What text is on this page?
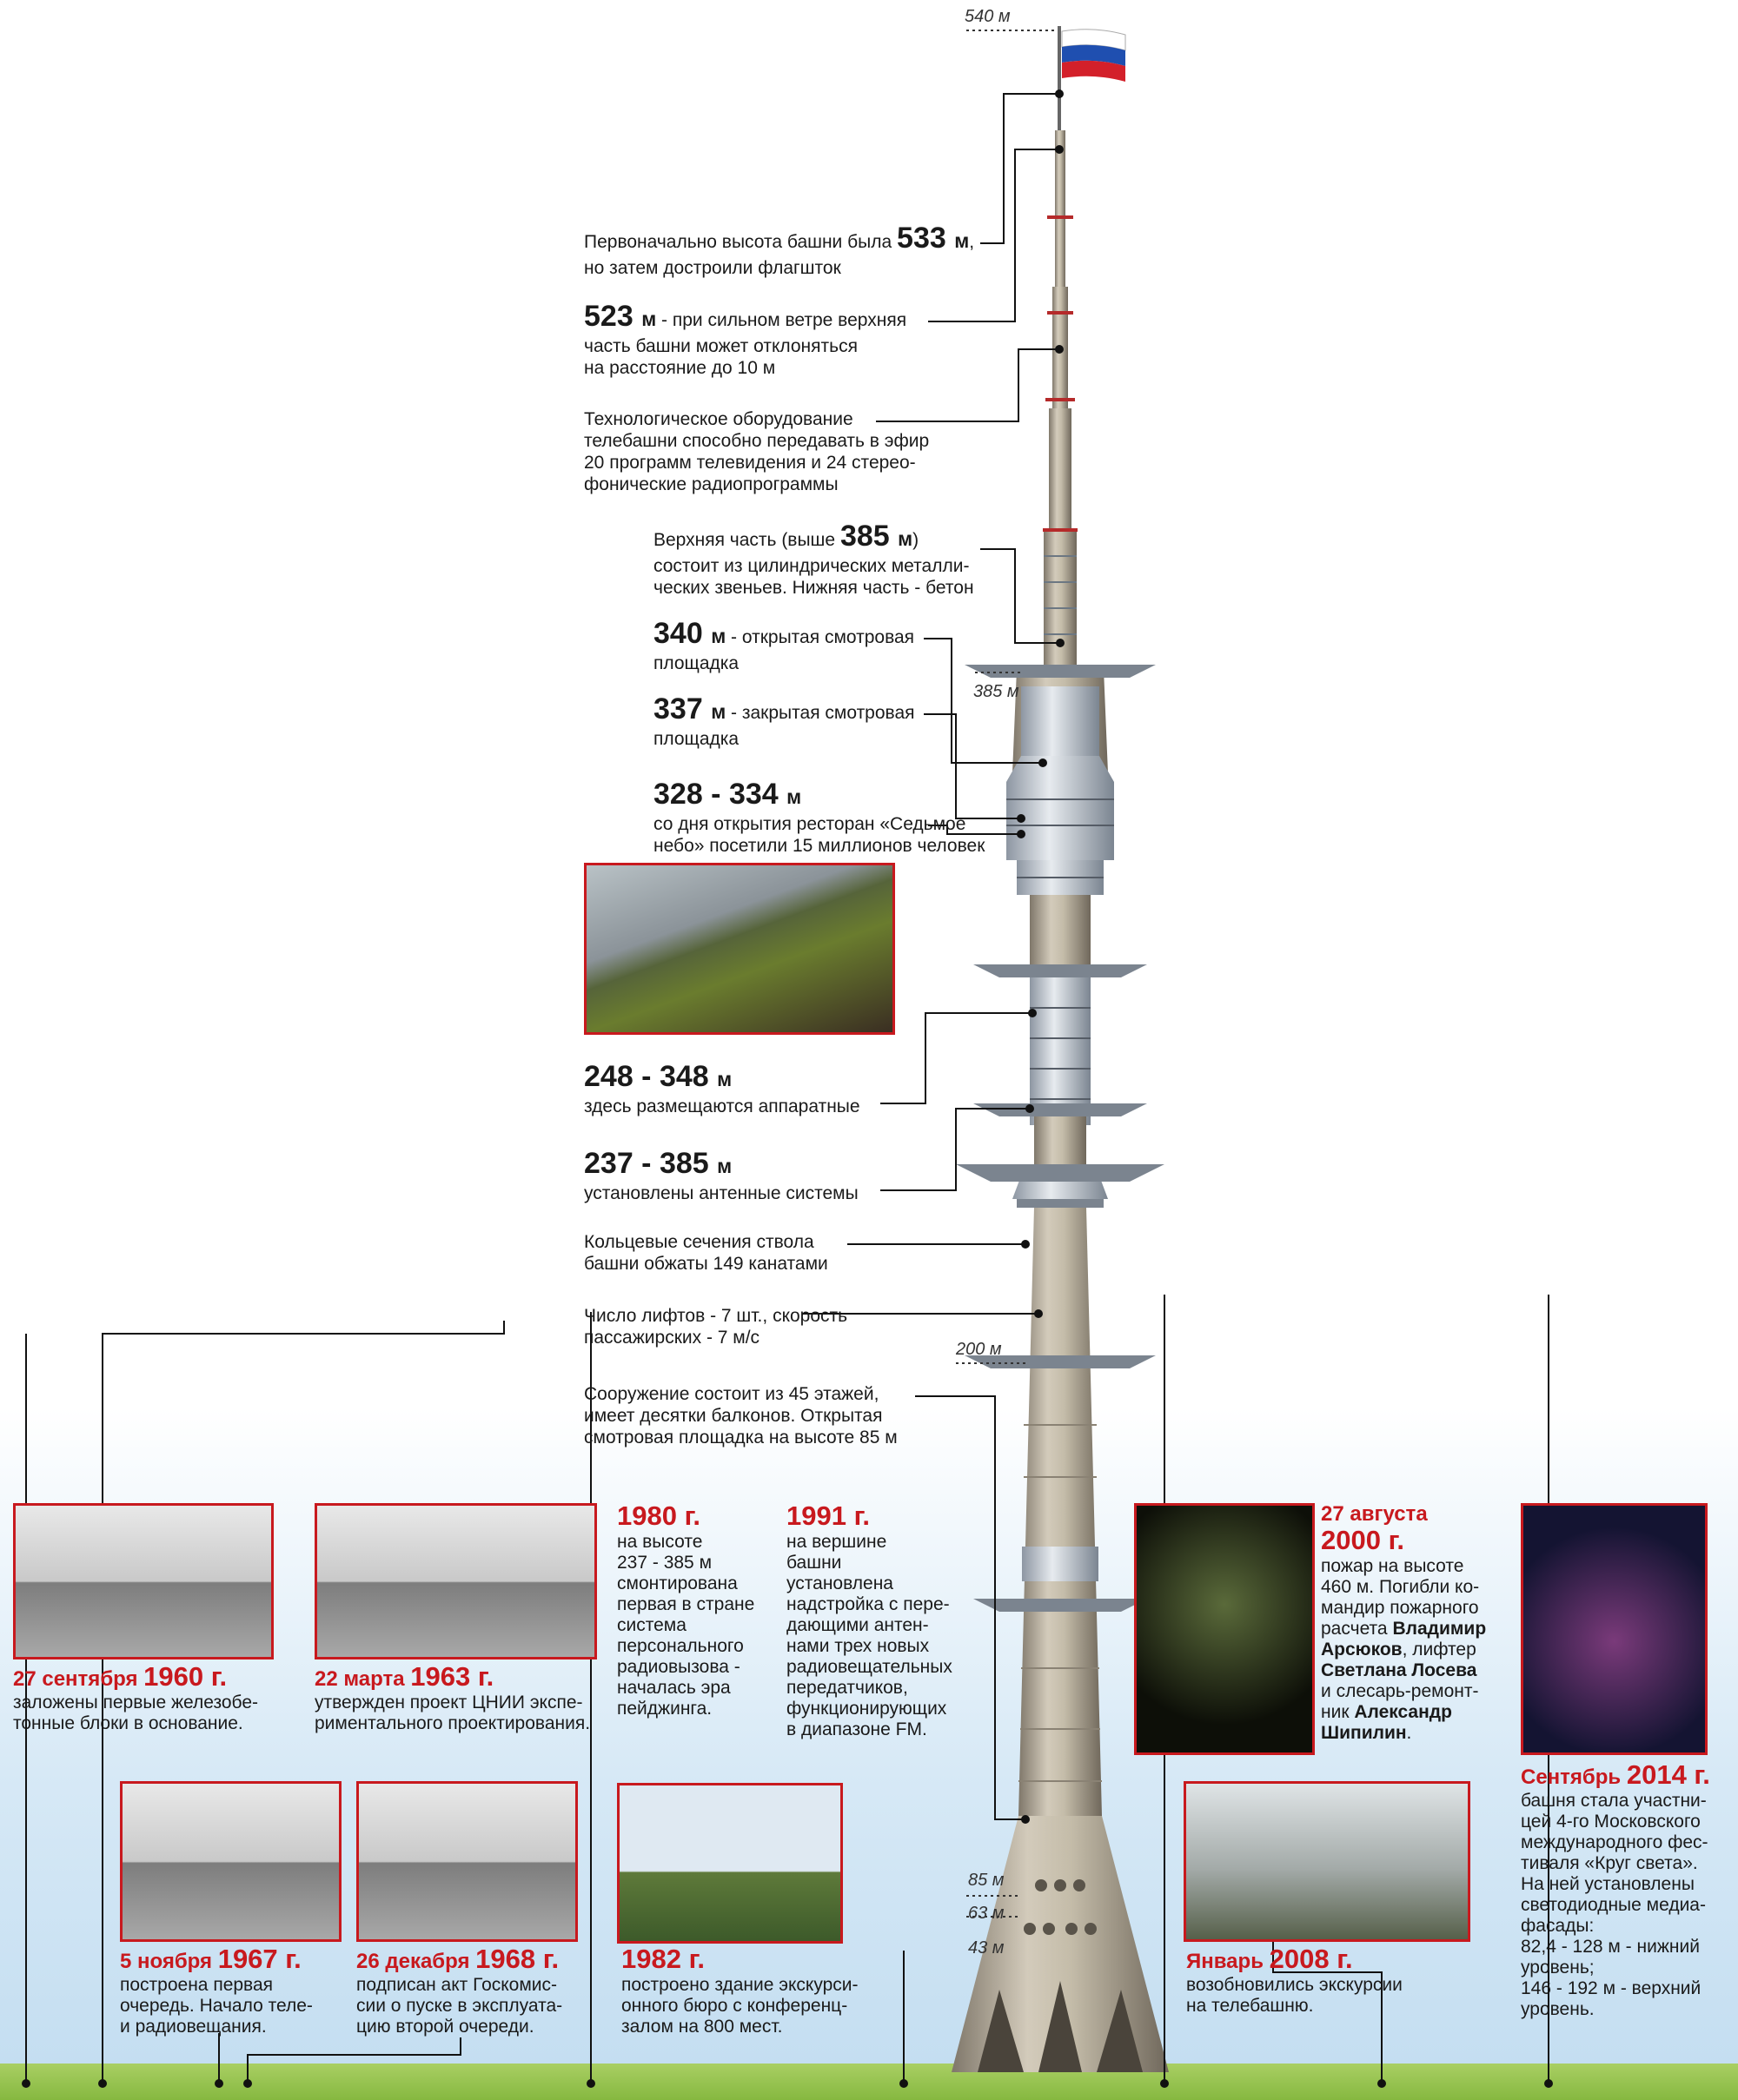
540 м
385 м
200 м
85 м
63 м
43 м
Первоначально высота башни была 533 м,
но затем достроили флагшток
523 м - при сильном ветре верхняя
часть башни может отклоняться
на расстояние до 10 м
Технологическое оборудование
телебашни способно передавать в эфир
20 программ телевидения и 24 стерео-
фонические радиопрограммы
Верхняя часть (выше 385 м)
состоит из цилиндрических металли-
ческих звеньев. Нижняя часть - бетон
340 м - открытая смотровая
площадка
337 м - закрытая смотровая
площадка
328 - 334 м
со дня открытия ресторан «Седьмое
небо» посетили 15 миллионов человек
248 - 348 м
здесь размещаются аппаратные
237 - 385 м
установлены антенные системы
Кольцевые сечения ствола
башни обжаты 149 канатами
Число лифтов - 7 шт., скорость
пассажирских - 7 м/с
Сооружение состоит из 45 этажей,
имеет десятки балконов. Открытая
смотровая площадка на высоте 85 м
27 сентября 1960 г.
заложены первые железобе-
тонные блоки в основание.
22 марта 1963 г.
утвержден проект ЦНИИ экспе-
риментального проектирования.
5 ноября 1967 г.
построена первая
очередь. Начало теле-
и радиовещания.
26 декабря 1968 г.
подписан акт Госкомис-
сии о пуске в эксплуата-
цию второй очереди.
1980 г.
на высоте
237 - 385 м
смонтирована
первая в стране
система
персонального
радиовызова -
началась эра
пейджинга.
1991 г.
на вершине
башни
установлена
надстройка с пере-
дающими антен-
нами трех новых
радиовещательных
передатчиков,
функционирующих
в диапазоне FM.
1982 г.
построено здание экскурси-
онного бюро с конференц-
залом на 800 мест.
27 августа
2000 г.
пожар на высоте
460 м. Погибли ко-
мандир пожарного
расчета Владимир
Арсюков, лифтер
Светлана Лосева
и слесарь-ремонт-
ник Александр
Шипилин.
Январь 2008 г.
возобновились экскурсии
на телебашню.
Сентябрь 2014 г.
башня стала участни-
цей 4-го Московского
международного фес-
тиваля «Круг света».
На ней установлены
светодиодные медиа-
фасады:
82,4 - 128 м - нижний
уровень;
146 - 192 м - верхний
уровень.
